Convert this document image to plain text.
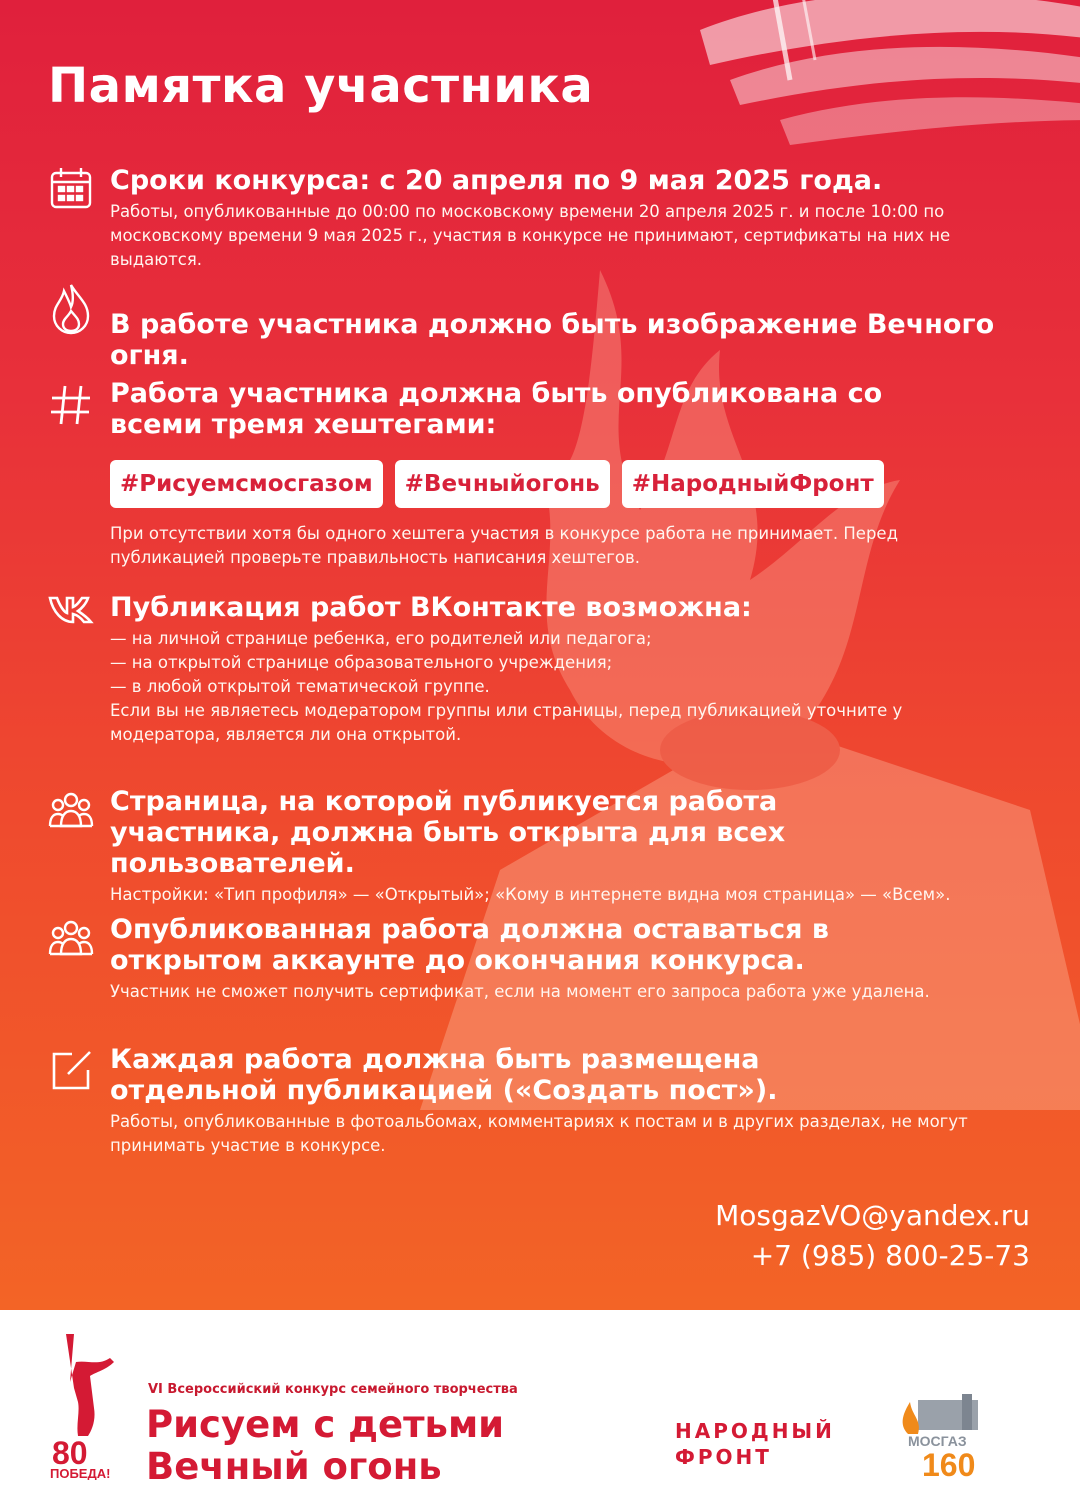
Памятка участника
Сроки конкурса: с 20 апреля по 9 мая 2025 года.
Работы, опубликованные до 00:00 по московскому времени 20 апреля 2025 г. и после 10:00 по московскому времени 9 мая 2025 г., участия в конкурсе не принимают, сертификаты на них не выдаются.
В работе участника должно быть изображение Вечного огня.
Работа участника должна быть опубликована со всеми тремя хештегами:
#Рисуемсмосгазом	#Вечныйогонь	#НародныйФронт
При отсутствии хотя бы одного хештега участия в конкурсе работа не принимает. Перед публикацией проверьте правильность написания хештегов.
Публикация работ ВКонтакте возможна:
— на личной странице ребенка, его родителей или педагога;
— на открытой странице образовательного учреждения;
— в любой открытой тематической группе.
Если вы не являетесь модератором группы или страницы, перед публикацией уточните у модератора, является ли она открытой.
Страница, на которой публикуется работа участника, должна быть открыта для всех пользователей.
Настройки: «Тип профиля» — «Открытый»; «Кому в интернете видна моя страница» — «Всем».
Опубликованная работа должна оставаться в открытом аккаунте до окончания конкурса.
Участник не сможет получить сертификат, если на момент его запроса работа уже удалена.
Каждая работа должна быть размещена отдельной публикацией («Создать пост»).
Работы, опубликованные в фотоальбомах, комментариях к постам и в других разделах, не могут принимать участие в конкурсе.
MosgazVO@yandex.ru
+7 (985) 800-25-73
80
ПОБЕДА!
VI Всероссийский конкурс семейного творчества
Рисуем с детьми
Вечный огонь
НАРОДНЫЙ
ФРОНТ
МОСГАЗ
160
